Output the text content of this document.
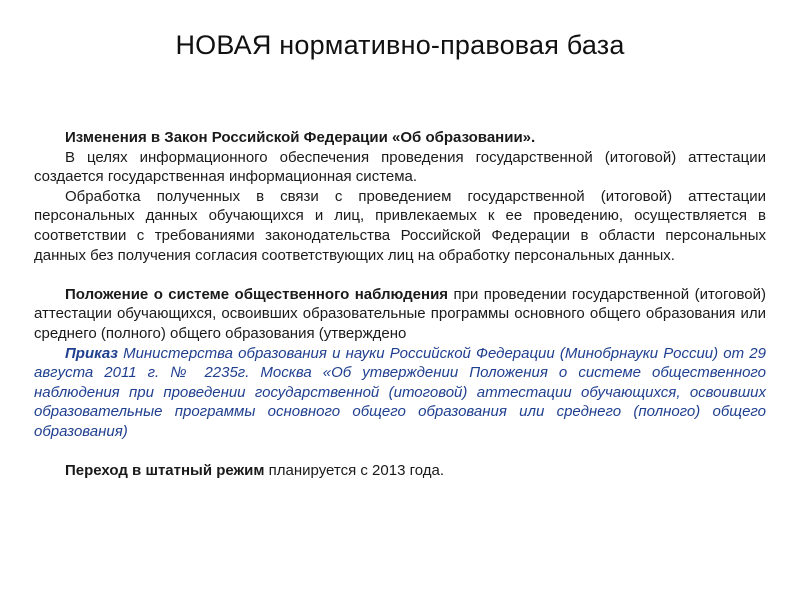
НОВАЯ нормативно-правовая база

Изменения в Закон Российской Федерации «Об образовании».

В целях информационного обеспечения проведения государственной (итоговой) аттестации создается государственная информационная система.

Обработка полученных в связи с проведением государственной (итоговой) аттестации персональных данных обучающихся и лиц, привлекаемых к ее проведению, осуществляется в соответствии с требованиями законодательства Российской Федерации в области персональных данных без получения согласия соответствующих лиц на обработку персональных данных.

Положение о системе общественного наблюдения при проведении государственной (итоговой) аттестации обучающихся, освоивших образовательные программы основного общего образования или среднего (полного) общего образования (утверждено

Приказ Министерства образования и науки Российской Федерации (Минобрнауки России) от 29 августа 2011 г. № 2235г. Москва «Об утверждении Положения о системе общественного наблюдения при проведении государственной (итоговой) аттестации обучающихся, освоивших образовательные программы основного общего образования или среднего (полного) общего образования)

Переход в штатный режим планируется с 2013 года.
